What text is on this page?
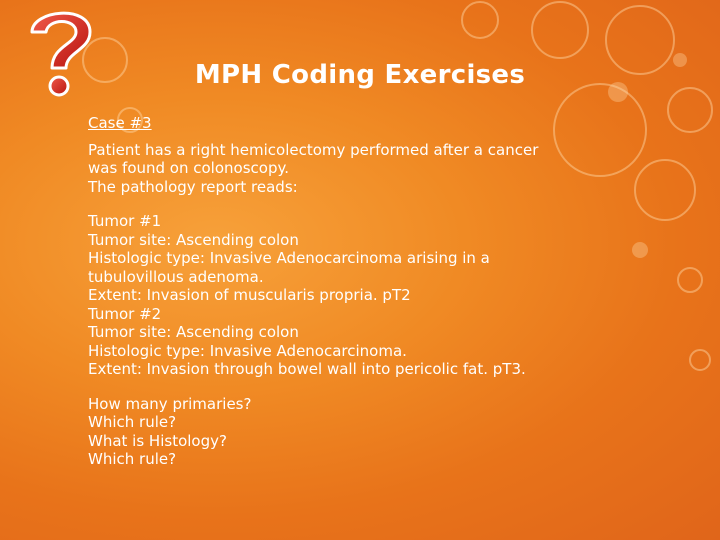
MPH Coding Exercises
Case #3
Patient has a right hemicolectomy performed after a cancer
was found on colonoscopy.
The pathology report reads:
Tumor #1
Tumor site: Ascending colon
Histologic type: Invasive Adenocarcinoma arising in a
tubulovillous adenoma.
Extent: Invasion of muscularis propria. pT2
Tumor #2
Tumor site: Ascending colon
Histologic type: Invasive Adenocarcinoma.
Extent: Invasion through bowel wall into pericolic fat. pT3.
How many primaries?
Which rule?
What is Histology?
Which rule?
